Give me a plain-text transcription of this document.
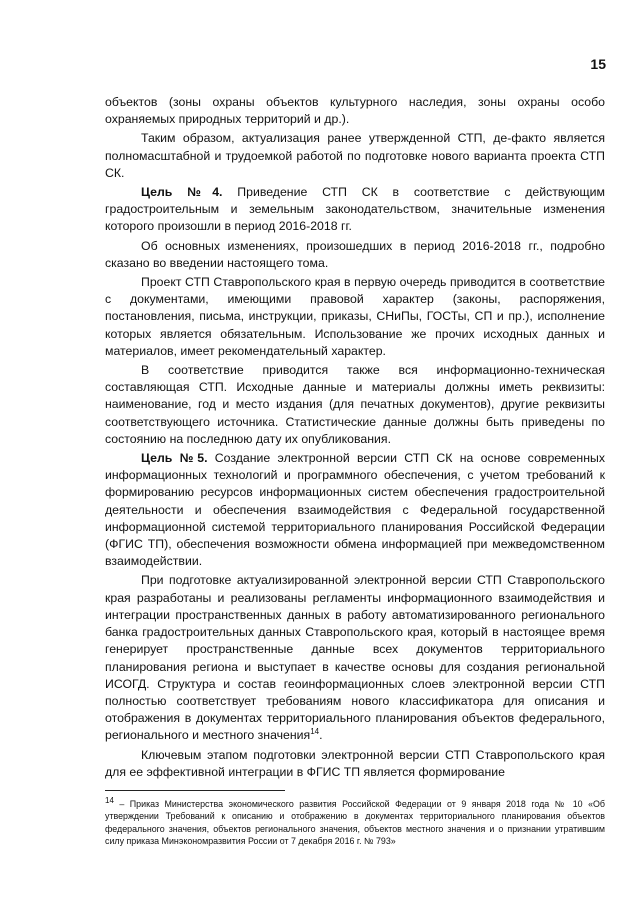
15

объектов (зоны охраны объектов культурного наследия, зоны охраны особо охраняемых природных территорий и др.).

Таким образом, актуализация ранее утвержденной СТП, де-факто является полномасштабной и трудоемкой работой по подготовке нового варианта проекта СТП СК.

Цель №4. Приведение СТП СК в соответствие с действующим градостроительным и земельным законодательством, значительные изменения которого произошли в период 2016-2018 гг.

Об основных изменениях, произошедших в период 2016-2018 гг., подробно сказано во введении настоящего тома.

Проект СТП Ставропольского края в первую очередь приводится в соответствие с документами, имеющими правовой характер (законы, распоряжения, постановления, письма, инструкции, приказы, СНиПы, ГОСТы, СП и пр.), исполнение которых является обязательным. Использование же прочих исходных данных и материалов, имеет рекомендательный характер.

В соответствие приводится также вся информационно-техническая составляющая СТП. Исходные данные и материалы должны иметь реквизиты: наименование, год и место издания (для печатных документов), другие реквизиты соответствующего источника. Статистические данные должны быть приведены по состоянию на последнюю дату их опубликования.

Цель №5. Создание электронной версии СТП СК на основе современных информационных технологий и программного обеспечения, с учетом требований к формированию ресурсов информационных систем обеспечения градостроительной деятельности и обеспечения взаимодействия с Федеральной государственной информационной системой территориального планирования Российской Федерации (ФГИС ТП), обеспечения возможности обмена информацией при межведомственном взаимодействии.

При подготовке актуализированной электронной версии СТП Ставропольского края разработаны и реализованы регламенты информационного взаимодействия и интеграции пространственных данных в работу автоматизированного регионального банка градостроительных данных Ставропольского края, который в настоящее время генерирует пространственные данные всех документов территориального планирования региона и выступает в качестве основы для создания региональной ИСОГД. Структура и состав геоинформационных слоев электронной версии СТП полностью соответствует требованиям нового классификатора для описания и отображения в документах территориального планирования объектов федерального, регионального и местного значения$^{14}$.

Ключевым этапом подготовки электронной версии СТП Ставропольского края для ее эффективной интеграции в ФГИС ТП является формирование

$^{14}$ – Приказ Министерства экономического развития Российской Федерации от 9 января 2018 года № 10 «Об утверждении Требований к описанию и отображению в документах территориального планирования объектов федерального значения, объектов регионального значения, объектов местного значения и о признании утратившим силу приказа Минэкономразвития России от 7 декабря 2016 г. № 793»
